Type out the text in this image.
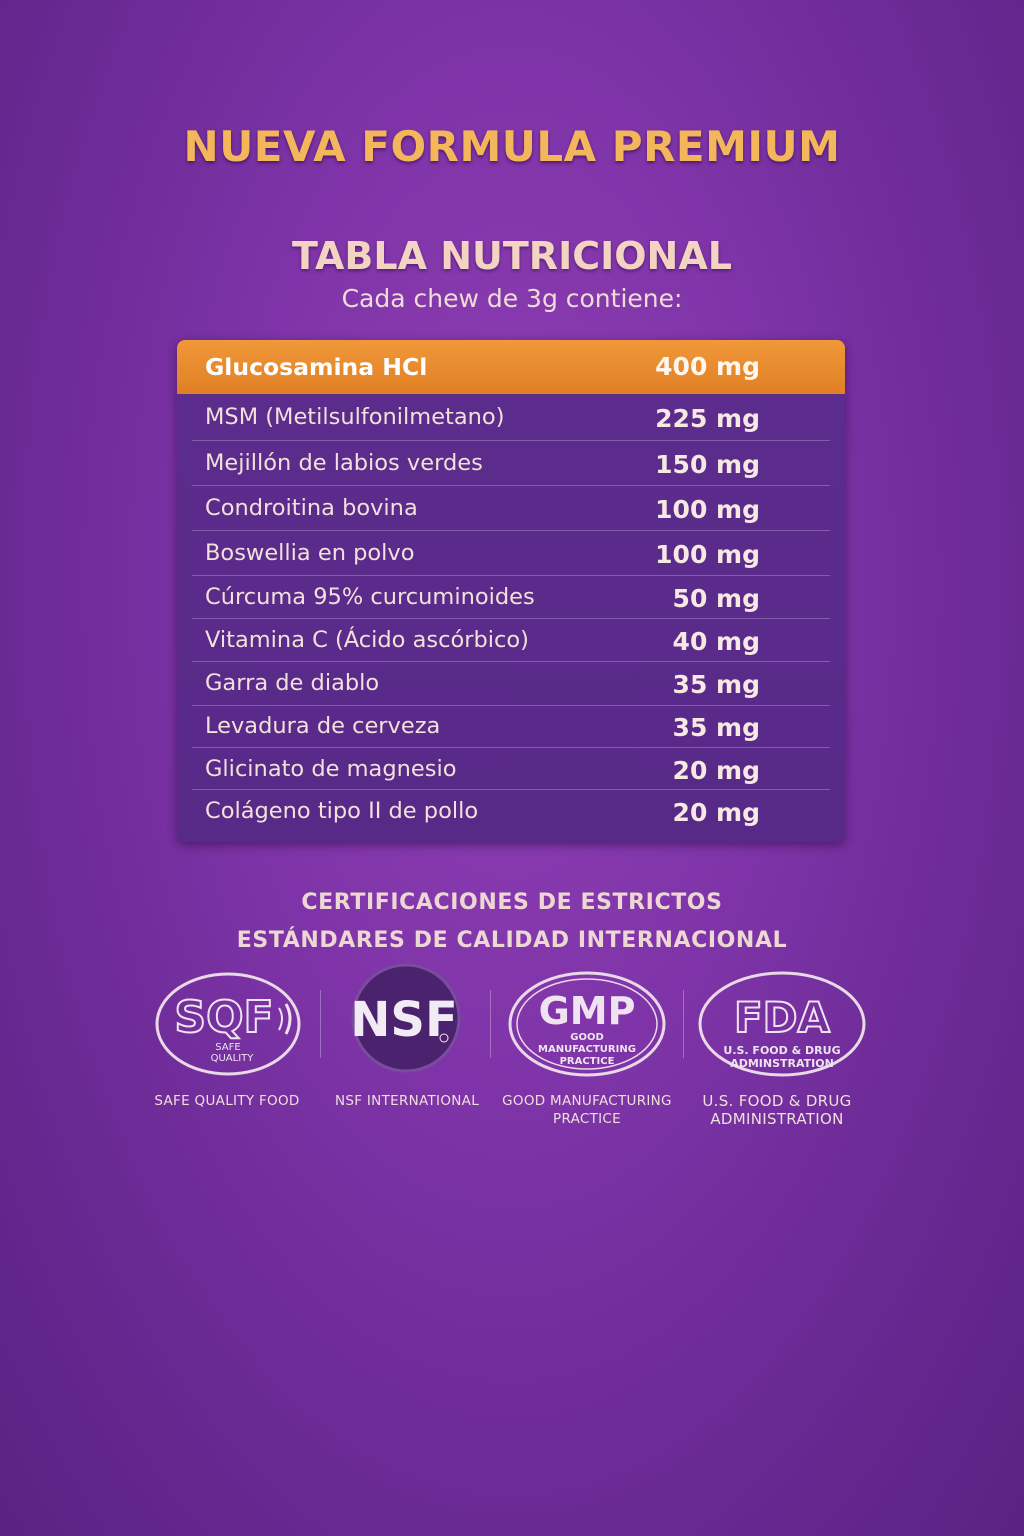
NUEVA FORMULA PREMIUM
TABLA NUTRICIONAL

Cada chew de 3g contiene:

Glucosamina HCl	400 mg
MSM (Metilsulfonilmetano)	225 mg
Mejillón de labios verdes	150 mg
Condroitina bovina	100 mg
Boswellia en polvo	100 mg
Cúrcuma 95% curcuminoides	50 mg
Vitamina C (Ácido ascórbico)	40 mg
Garra de diablo	35 mg
Levadura de cerveza	35 mg
Glicinato de magnesio	20 mg
Colágeno tipo II de pollo	20 mg
CERTIFICACIONES DE ESTRICTOS
ESTÁNDARES DE CALIDAD INTERNACIONAL
SQF
SAFE
QUALITY
NSF GMP
GOOD
MANUFACTURING
PRACTICE
FDA
U.S. FOOD & DRUG
ADMINSTRATION
SAFE QUALITY FOOD	NSF INTERNATIONAL	GOOD MANUFACTURING
PRACTICE
U.S. FOOD & DRUG
ADMINISTRATION
